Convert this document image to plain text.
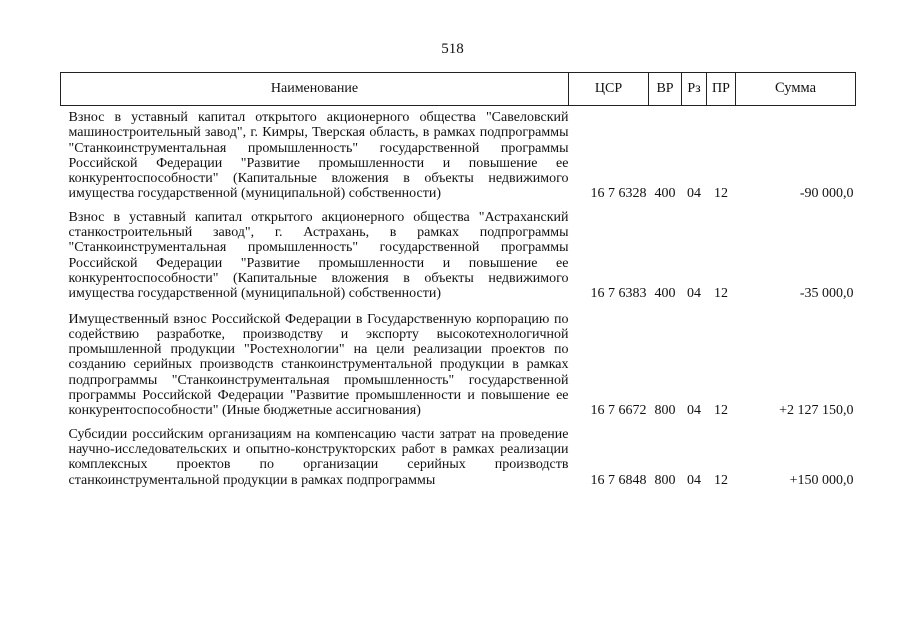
518
Наименование	ЦСР	ВР	Рз	ПР	Сумма
Взнос в уставный капитал открытого акционерного общества "Савеловский машиностроительный завод", г. Кимры, Тверская область, в рамках подпрограммы "Станкоинструментальная промышленность" государственной программы Российской Федерации "Развитие промышленности и повышение ее конкурентоспособности" (Капитальные вложения в объекты недвижимого имущества государственной (муниципальной) собственности)	16 7 6328	400	04	12	-90 000,0
Взнос в уставный капитал открытого акционерного общества "Астраханский станкостроительный завод", г. Астрахань, в рамках подпрограммы "Станкоинструментальная промышленность" государственной программы Российской Федерации "Развитие промышленности и повышение ее конкурентоспособности" (Капитальные вложения в объекты недвижимого имущества государственной (муниципальной) собственности)	16 7 6383	400	04	12	-35 000,0
Имущественный взнос Российской Федерации в Государственную корпорацию по содействию разработке, производству и экспорту высокотехнологичной промышленной продукции "Ростехнологии" на цели реализации проектов по созданию серийных производств станкоинструментальной продукции в рамках подпрограммы "Станкоинструментальная промышленность" государственной программы Российской Федерации "Развитие промышленности и повышение ее конкурентоспособности" (Иные бюджетные ассигнования)	16 7 6672	800	04	12	+2 127 150,0
Субсидии российским организациям на компенсацию части затрат на проведение научно-исследовательских и опытно-конструкторских работ в рамках реализации комплексных проектов по организации серийных производств станкоинструментальной продукции в рамках подпрограммы	16 7 6848	800	04	12	+150 000,0
